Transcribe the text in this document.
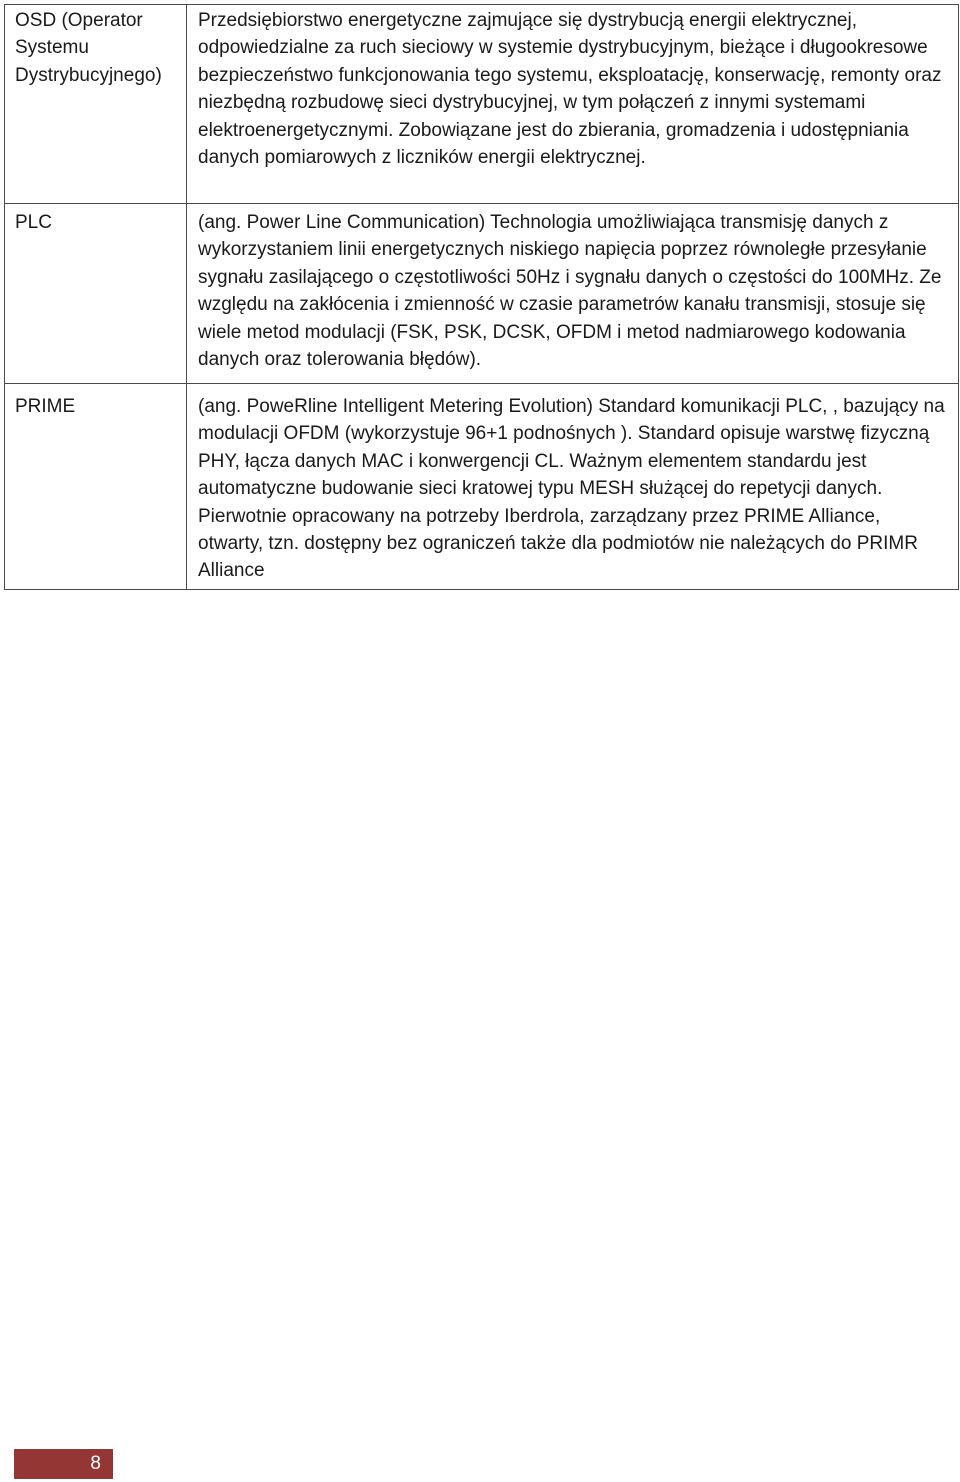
OSD (Operator Systemu Dystrybucyjnego)	Przedsiębiorstwo energetyczne zajmujące się dystrybucją energii elektrycznej, odpowiedzialne za ruch sieciowy w systemie dystrybucyjnym, bieżące i długookresowe bezpieczeństwo funkcjonowania tego systemu, eksploatację, konserwację, remonty oraz niezbędną rozbudowę sieci dystrybucyjnej, w tym połączeń z innymi systemami elektroenergetycznymi. Zobowiązane jest do zbierania, gromadzenia i udostępniania danych pomiarowych z liczników energii elektrycznej.
PLC	(ang. Power Line Communication) Technologia umożliwiająca transmisję danych z wykorzystaniem linii energetycznych niskiego napięcia poprzez równoległe przesyłanie sygnału zasilającego o częstotliwości 50Hz i sygnału danych o częstości do 100MHz. Ze względu na zakłócenia i zmienność w czasie parametrów kanału transmisji, stosuje się wiele metod modulacji (FSK, PSK, DCSK, OFDM i metod nadmiarowego kodowania danych oraz tolerowania błędów).
PRIME	(ang. PoweRline Intelligent Metering Evolution) Standard komunikacji PLC, , bazujący na modulacji OFDM (wykorzystuje 96+1 podnośnych ). Standard opisuje warstwę fizyczną PHY, łącza danych MAC i konwergencji CL. Ważnym elementem standardu jest automatyczne budowanie sieci kratowej typu MESH służącej do repetycji danych. Pierwotnie opracowany na potrzeby Iberdrola, zarządzany przez PRIME Alliance, otwarty, tzn. dostępny bez ograniczeń także dla podmiotów nie należących do PRIMR Alliance
8
